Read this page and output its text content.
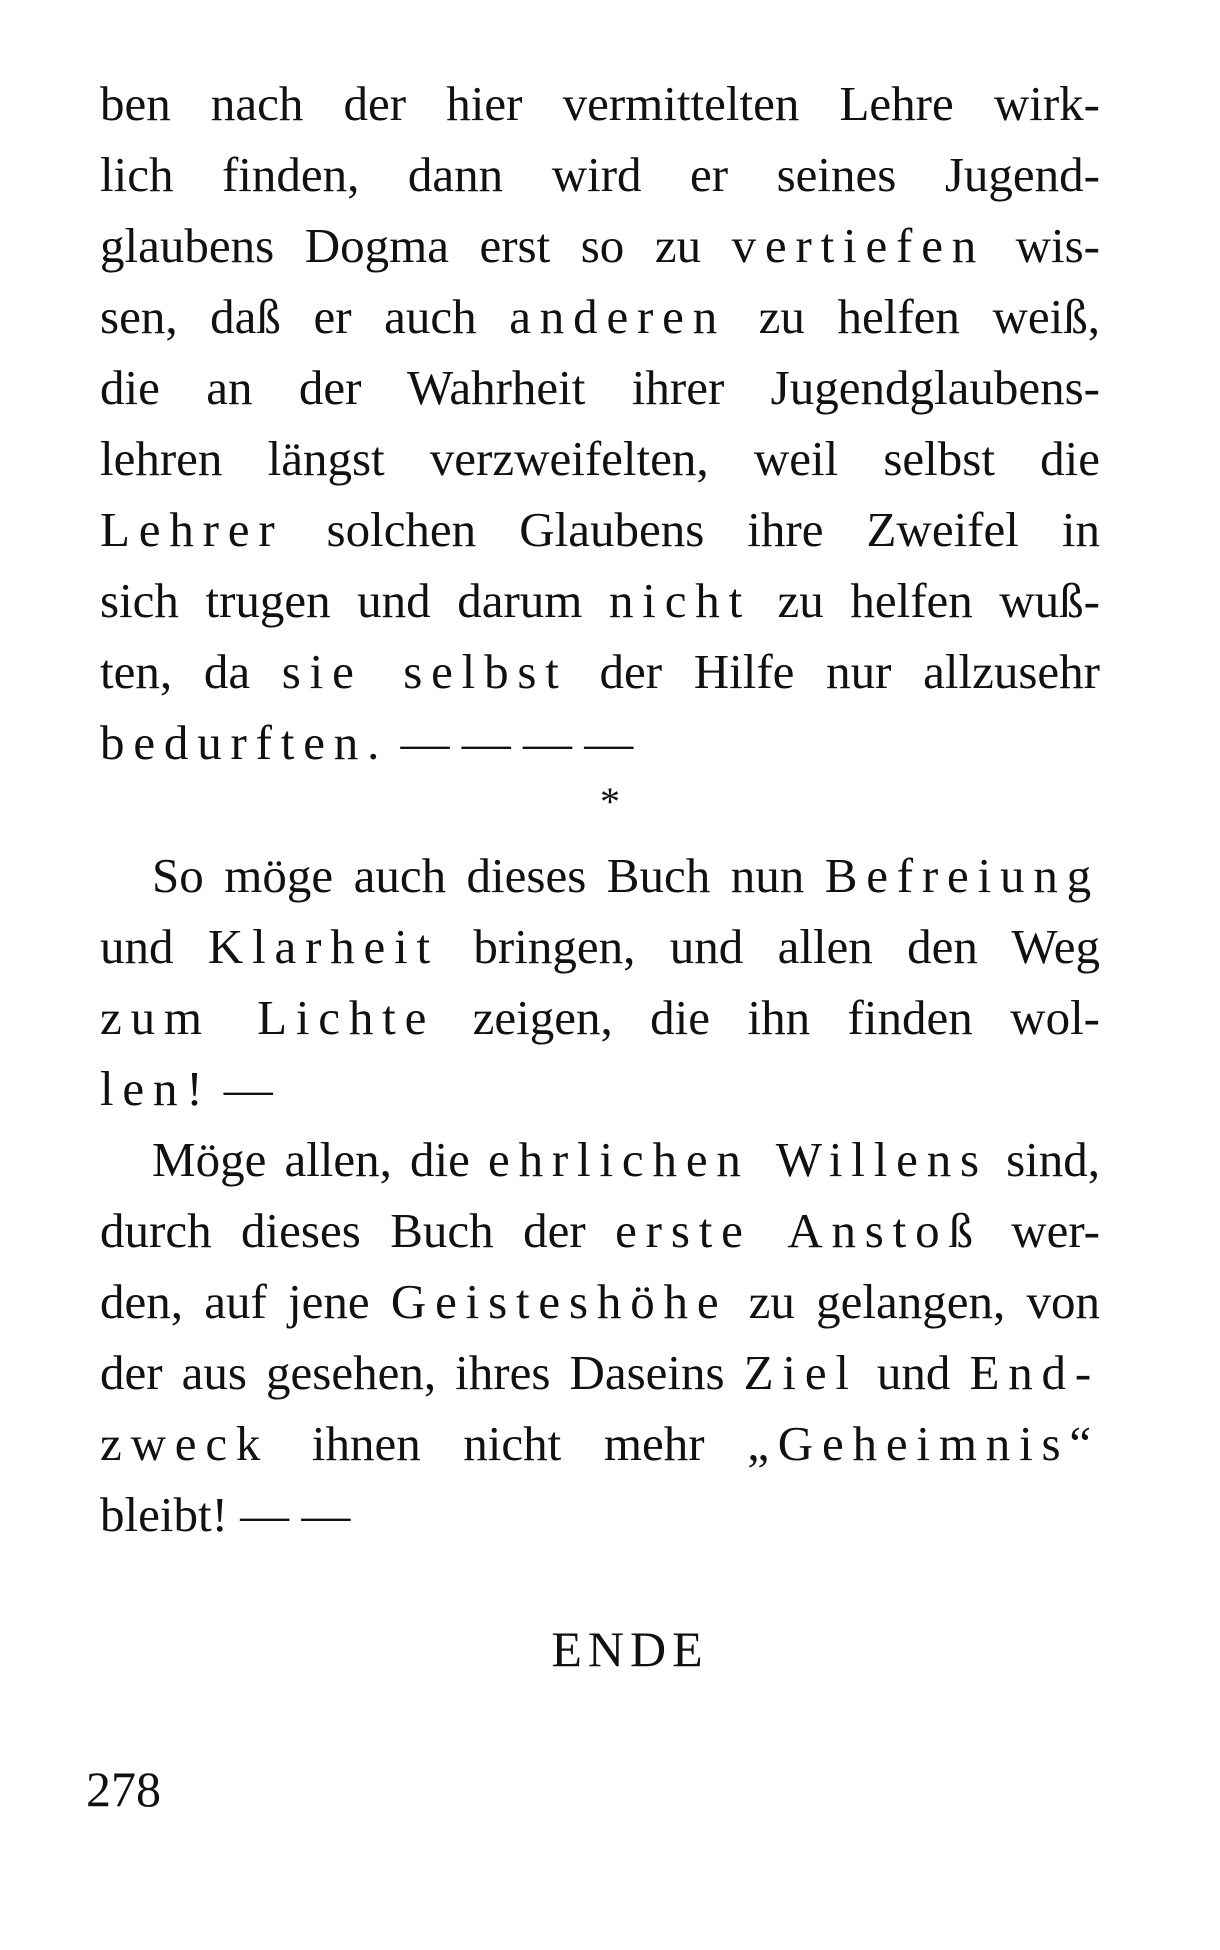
ben nach der hier vermittelten Lehre wirk-
lich finden, dann wird er seines Jugend-
glaubens Dogma erst so zu vertiefen wis-
sen, daß er auch anderen zu helfen weiß,
die an der Wahrheit ihrer Jugendglaubens-
lehren längst verzweifelten, weil selbst die
Lehrer solchen Glaubens ihre Zweifel in
sich trugen und darum nicht zu helfen wuß-
ten, da sie selbst der Hilfe nur allzusehr
bedurften. — — — —
*
So möge auch dieses Buch nun Befreiung
und Klarheit bringen, und allen den Weg
zum Lichte zeigen, die ihn finden wol-
len! —
Möge allen, die ehrlichen Willens sind,
durch dieses Buch der erste Anstoß wer-
den, auf jene Geisteshöhe zu gelangen, von
der aus gesehen, ihres Daseins Ziel und End-
zweck ihnen nicht mehr „Geheimnis“
bleibt! — —
ENDE
278
